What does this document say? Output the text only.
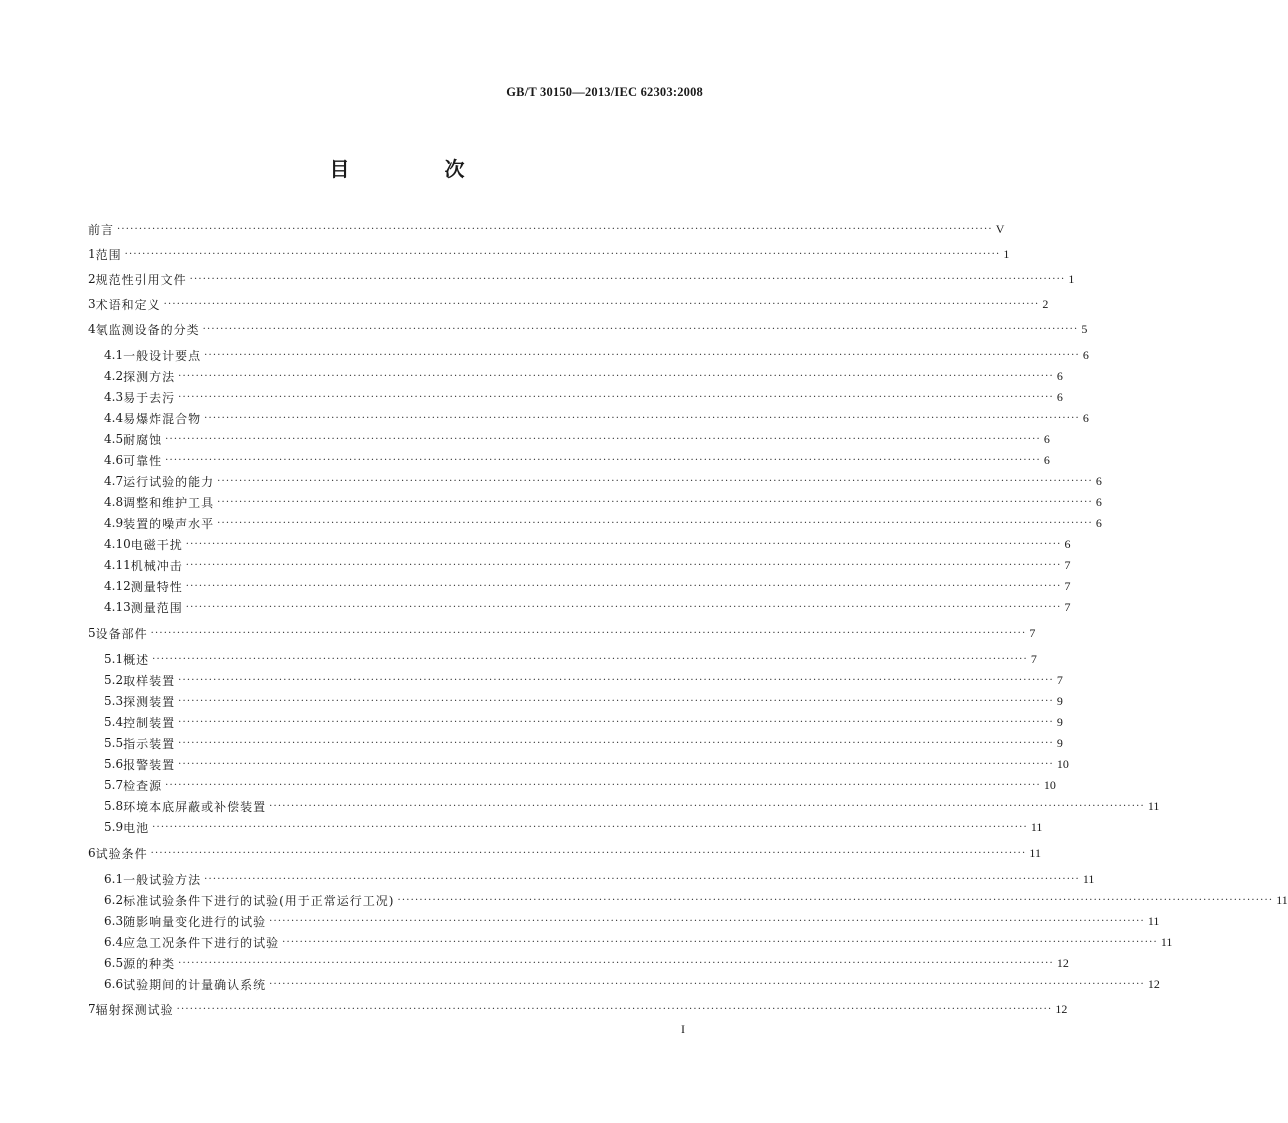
GB/T 30150—2013/IEC 62303:2008
目 次
前言 ········································································································································································································ V
1 范围 ········································································································································································································ 1
2 规范性引用文件 ········································································································································································································ 1
3 术语和定义 ········································································································································································································ 2
4 氡监测设备的分类 ········································································································································································································ 5
4.1 一般设计要点 ········································································································································································································ 6
4.2 探测方法 ········································································································································································································ 6
4.3 易于去污 ········································································································································································································ 6
4.4 易爆炸混合物 ········································································································································································································ 6
4.5 耐腐蚀 ········································································································································································································ 6
4.6 可靠性 ········································································································································································································ 6
4.7 运行试验的能力 ········································································································································································································ 6
4.8 调整和维护工具 ········································································································································································································ 6
4.9 装置的噪声水平 ········································································································································································································ 6
4.10 电磁干扰 ········································································································································································································ 6
4.11 机械冲击 ········································································································································································································ 7
4.12 测量特性 ········································································································································································································ 7
4.13 测量范围 ········································································································································································································ 7
5 设备部件 ········································································································································································································ 7
5.1 概述 ········································································································································································································ 7
5.2 取样装置 ········································································································································································································ 7
5.3 探测装置 ········································································································································································································ 9
5.4 控制装置 ········································································································································································································ 9
5.5 指示装置 ········································································································································································································ 9
5.6 报警装置 ········································································································································································································ 10
5.7 检查源 ········································································································································································································ 10
5.8 环境本底屏蔽或补偿装置 ········································································································································································································ 11
5.9 电池 ········································································································································································································ 11
6 试验条件 ········································································································································································································ 11
6.1 一般试验方法 ········································································································································································································ 11
6.2 标准试验条件下进行的试验(用于正常运行工况) ········································································································································································································ 11
6.3 随影响量变化进行的试验 ········································································································································································································ 11
6.4 应急工况条件下进行的试验 ········································································································································································································ 11
6.5 源的种类 ········································································································································································································ 12
6.6 试验期间的计量确认系统 ········································································································································································································ 12
7 辐射探测试验 ········································································································································································································ 12
I
